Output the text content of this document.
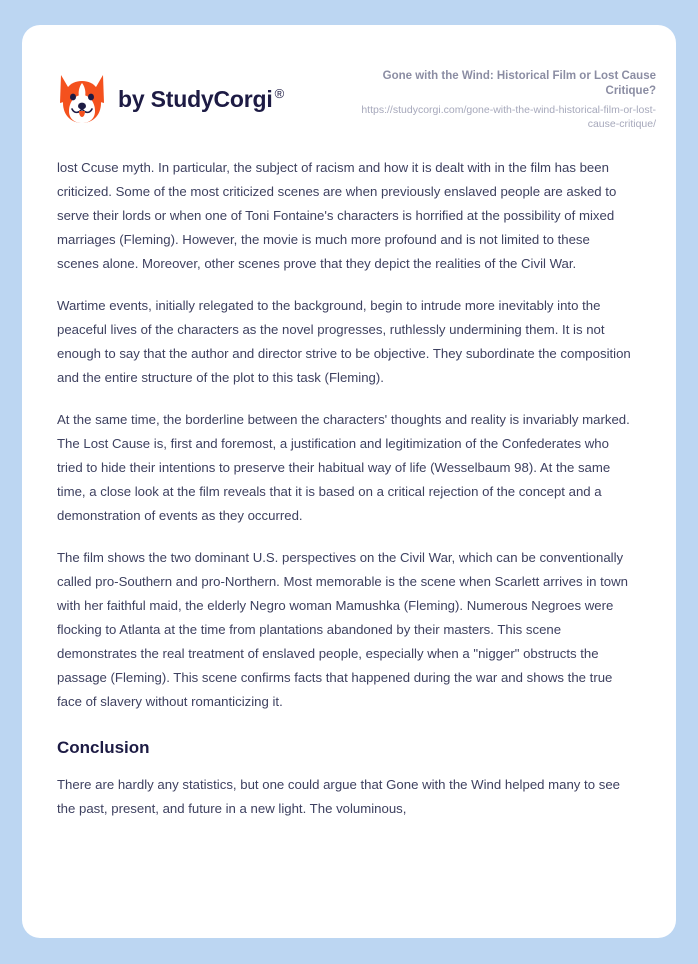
by StudyCorgi ®

Gone with the Wind: Historical Film or Lost Cause Critique?

https://studycorgi.com/gone-with-the-wind-historical-film-or-lost-cause-critique/

lost Ccuse myth. In particular, the subject of racism and how it is dealt with in the film has been criticized. Some of the most criticized scenes are when previously enslaved people are asked to serve their lords or when one of Toni Fontaine's characters is horrified at the possibility of mixed marriages (Fleming). However, the movie is much more profound and is not limited to these scenes alone. Moreover, other scenes prove that they depict the realities of the Civil War.

Wartime events, initially relegated to the background, begin to intrude more inevitably into the peaceful lives of the characters as the novel progresses, ruthlessly undermining them. It is not enough to say that the author and director strive to be objective. They subordinate the composition and the entire structure of the plot to this task (Fleming).

At the same time, the borderline between the characters' thoughts and reality is invariably marked. The Lost Cause is, first and foremost, a justification and legitimization of the Confederates who tried to hide their intentions to preserve their habitual way of life (Wesselbaum 98). At the same time, a close look at the film reveals that it is based on a critical rejection of the concept and a demonstration of events as they occurred.

The film shows the two dominant U.S. perspectives on the Civil War, which can be conventionally called pro-Southern and pro-Northern. Most memorable is the scene when Scarlett arrives in town with her faithful maid, the elderly Negro woman Mamushka (Fleming). Numerous Negroes were flocking to Atlanta at the time from plantations abandoned by their masters. This scene demonstrates the real treatment of enslaved people, especially when a "nigger" obstructs the passage (Fleming). This scene confirms facts that happened during the war and shows the true face of slavery without romanticizing it.

Conclusion

There are hardly any statistics, but one could argue that Gone with the Wind helped many to see the past, present, and future in a new light. The voluminous,
